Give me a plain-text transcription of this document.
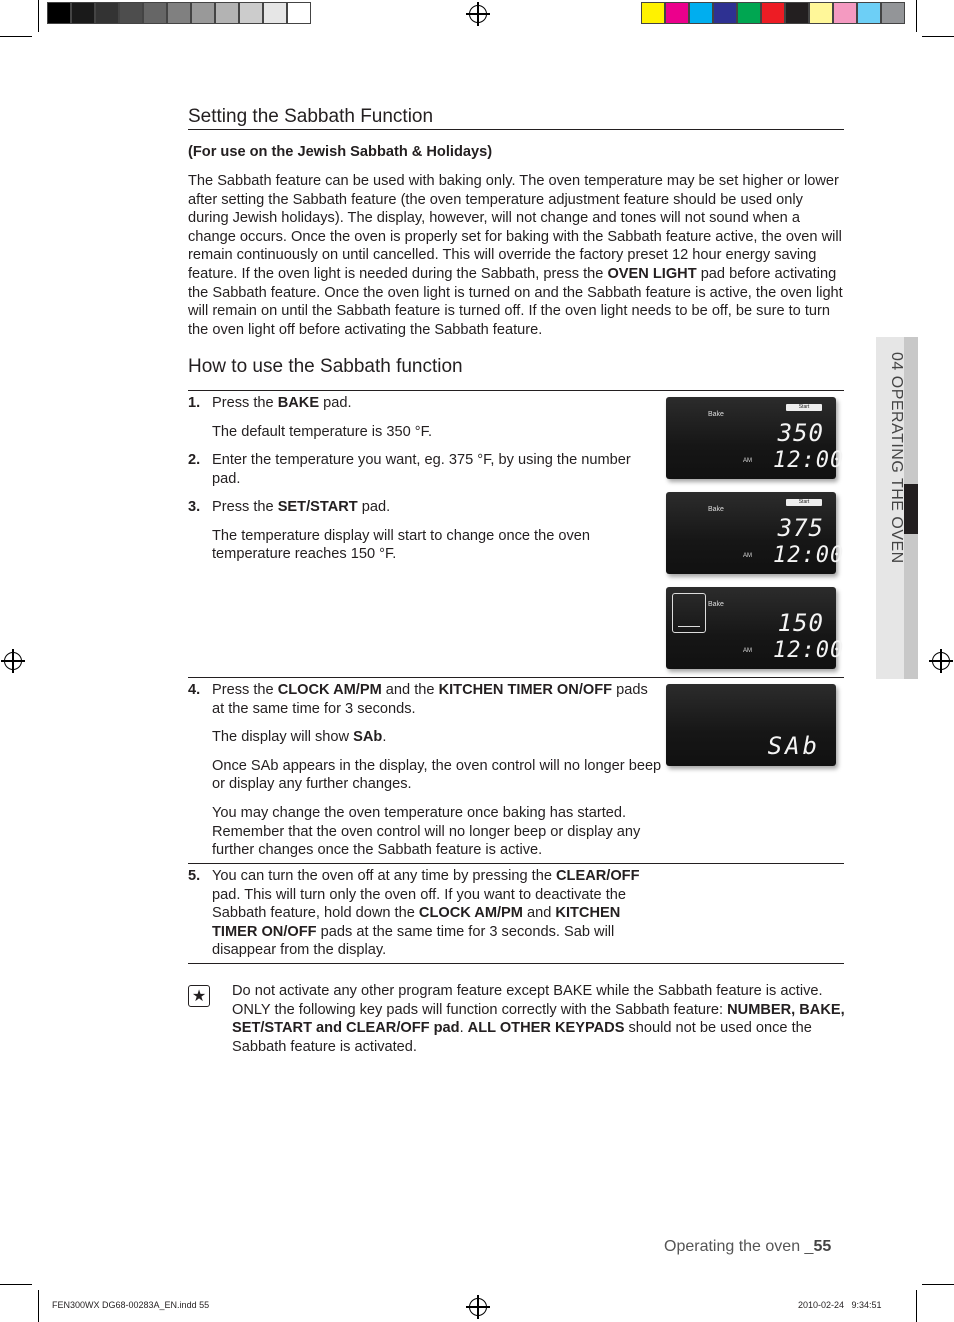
Setting the Sabbath Function
(For use on the Jewish Sabbath & Holidays)
The Sabbath feature can be used with baking only. The oven temperature may be set higher or lower after setting the Sabbath feature (the oven temperature adjustment feature should be used only during Jewish holidays). The display, however, will not change and tones will not sound when a change occurs. Once the oven is properly set for baking with the Sabbath feature active, the oven will remain continuously on until cancelled. This will override the factory preset 12 hour energy saving feature. If the oven light is needed during the Sabbath, press the OVEN LIGHT pad before activating the Sabbath feature. Once the oven light is turned on and the Sabbath feature is active, the oven light will remain on until the Sabbath feature is turned off. If the oven light needs to be off, be sure to turn the oven light off before activating the Sabbath feature.
How to use the Sabbath function
1. Press the BAKE pad.

The default temperature is 350 °F.

2. Enter the temperature you want, eg. 375 °F, by using the number pad.

3. Press the SET/START pad.

The temperature display will start to change once the oven temperature reaches 150 °F.

4. Press the CLOCK AM/PM and the KITCHEN TIMER ON/OFF pads at the same time for 3 seconds.

The display will show SAb.

Once SAb appears in the display, the oven control will no longer beep or display any further changes.

You may change the oven temperature once baking has started. Remember that the oven control will no longer beep or display any further changes once the Sabbath feature is active.

5. You can turn the oven off at any time by pressing the CLEAR/OFF pad. This will turn only the oven off. If you want to deactivate the Sabbath feature, hold down the CLOCK AM/PM and KITCHEN TIMER ON/OFF pads at the same time for 3 seconds. Sab will disappear from the display.

★ Do not activate any other program feature except BAKE while the Sabbath feature is active. ONLY the following key pads will function correctly with the Sabbath feature: NUMBER, BAKE, SET/START and CLEAR/OFF pad. ALL OTHER KEYPADS should not be used once the Sabbath feature is activated.
Bake
Start
350
AM 12:00
Bake
Start
375
AM 12:00
Bake
150
AM 12:00
SAb
04 OPERATING THE OVEN
Operating the oven _55
FEN300WX DG68-00283A_EN.indd 55	2010-02-24   9:34:51
